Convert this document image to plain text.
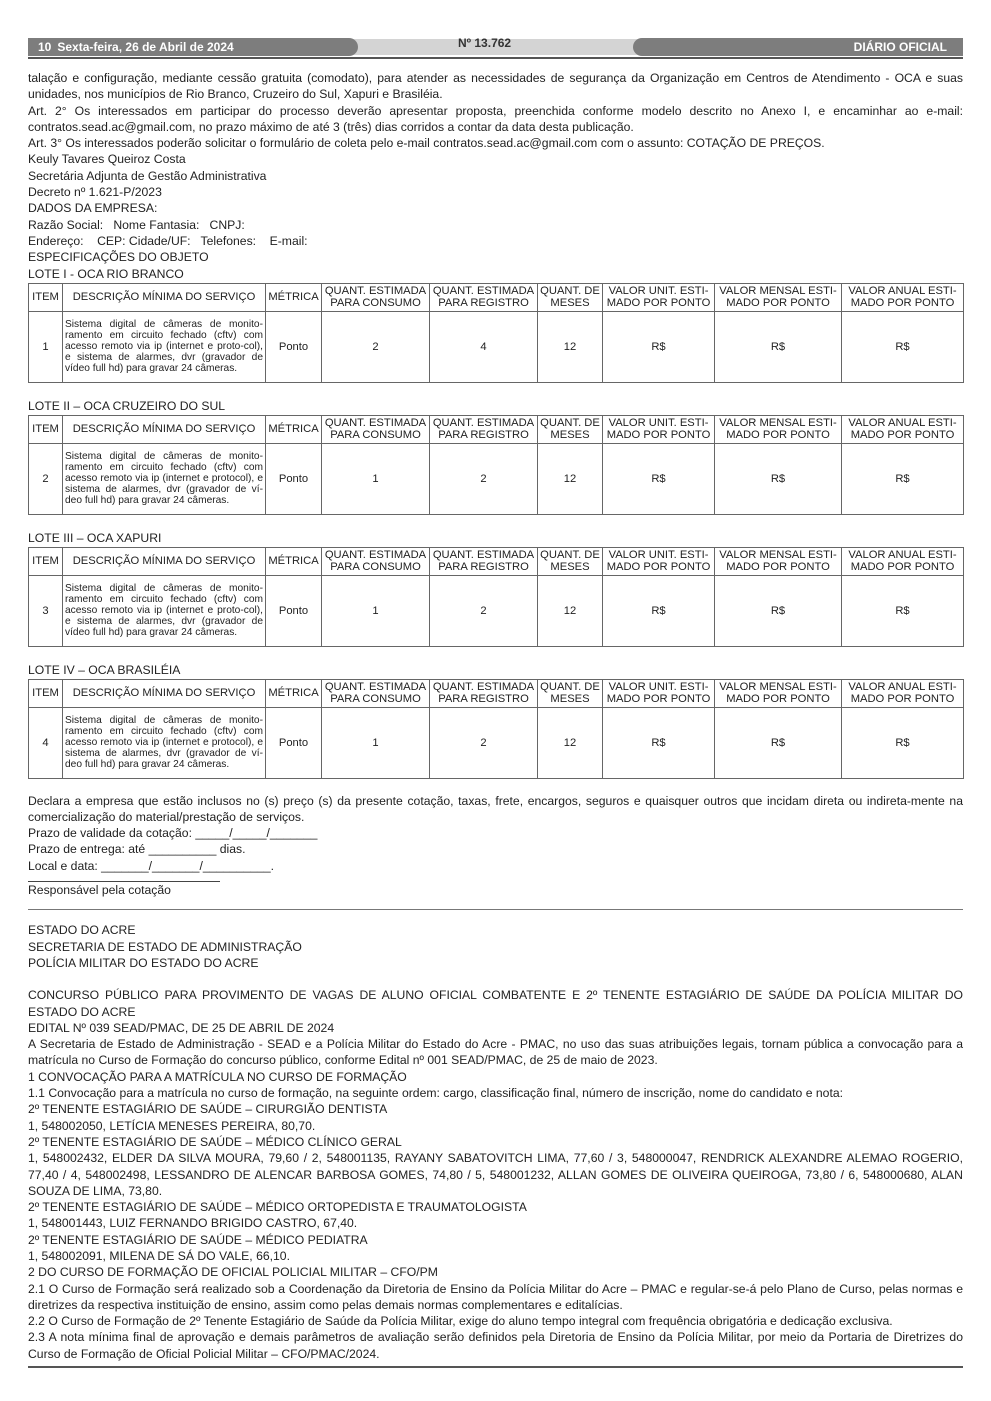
10 Sexta-feira, 26 de Abril de 2024	Nº 13.762	DIÁRIO OFICIAL

talação e configuração, mediante cessão gratuita (comodato), para atender as necessidades de segurança da Organização em Centros de Atendimento - OCA e suas unidades, nos municípios de Rio Branco, Cruzeiro do Sul, Xapuri e Brasiléia.

Art. 2° Os interessados em participar do processo deverão apresentar proposta, preenchida conforme modelo descrito no Anexo I, e encaminhar ao e-mail: contratos.sead.ac@gmail.com, no prazo máximo de até 3 (três) dias corridos a contar da data desta publicação.

Art. 3° Os interessados poderão solicitar o formulário de coleta pelo e-mail contratos.sead.ac@gmail.com com o assunto: COTAÇÃO DE PREÇOS.

Keuly Tavares Queiroz Costa

Secretária Adjunta de Gestão Administrativa

Decreto nº 1.621-P/2023

DADOS DA EMPRESA:

Razão Social:   Nome Fantasia:   CNPJ:

Endereço:    CEP: Cidade/UF:   Telefones:    E-mail:

ESPECIFICAÇÕES DO OBJETO

LOTE I - OCA RIO BRANCO

ITEM	DESCRIÇÃO MÍNIMA DO SERVIÇO	MÉTRICA	QUANT. ESTIMADA PARA CONSUMO	QUANT. ESTIMADA PARA REGISTRO	QUANT. DE MESES	VALOR UNIT. ESTI-MADO POR PONTO	VALOR MENSAL ESTI-MADO POR PONTO	VALOR ANUAL ESTI-MADO POR PONTO
1	Sistema digital de câmeras de monito-ramento em circuito fechado (cftv) com acesso remoto via ip (internet e proto-col), e sistema de alarmes, dvr (gravador de vídeo full hd) para gravar 24 câmeras.	Ponto	2	4	12	R$	R$	R$

LOTE II – OCA CRUZEIRO DO SUL

ITEM	DESCRIÇÃO MÍNIMA DO SERVIÇO	MÉTRICA	QUANT. ESTIMADA PARA CONSUMO	QUANT. ESTIMADA PARA REGISTRO	QUANT. DE MESES	VALOR UNIT. ESTI-MADO POR PONTO	VALOR MENSAL ESTI-MADO POR PONTO	VALOR ANUAL ESTI-MADO POR PONTO
2	Sistema digital de câmeras de monito-ramento em circuito fechado (cftv) com acesso remoto via ip (internet e protocol), e sistema de alarmes, dvr (gravador de ví-deo full hd) para gravar 24 câmeras.	Ponto	1	2	12	R$	R$	R$

LOTE III – OCA XAPURI

ITEM	DESCRIÇÃO MÍNIMA DO SERVIÇO	MÉTRICA	QUANT. ESTIMADA PARA CONSUMO	QUANT. ESTIMADA PARA REGISTRO	QUANT. DE MESES	VALOR UNIT. ESTI-MADO POR PONTO	VALOR MENSAL ESTI-MADO POR PONTO	VALOR ANUAL ESTI-MADO POR PONTO
3	Sistema digital de câmeras de monito-ramento em circuito fechado (cftv) com acesso remoto via ip (internet e proto-col), e sistema de alarmes, dvr (gravador de vídeo full hd) para gravar 24 câmeras.	Ponto	1	2	12	R$	R$	R$

LOTE IV – OCA BRASILÉIA

ITEM	DESCRIÇÃO MÍNIMA DO SERVIÇO	MÉTRICA	QUANT. ESTIMADA PARA CONSUMO	QUANT. ESTIMADA PARA REGISTRO	QUANT. DE MESES	VALOR UNIT. ESTI-MADO POR PONTO	VALOR MENSAL ESTI-MADO POR PONTO	VALOR ANUAL ESTI-MADO POR PONTO
4	Sistema digital de câmeras de monito-ramento em circuito fechado (cftv) com acesso remoto via ip (internet e protocol), e sistema de alarmes, dvr (gravador de ví-deo full hd) para gravar 24 câmeras.	Ponto	1	2	12	R$	R$	R$

Declara a empresa que estão inclusos no (s) preço (s) da presente cotação, taxas, frete, encargos, seguros e quaisquer outros que incidam direta ou indireta-mente na comercialização do material/prestação de serviços.

Prazo de validade da cotação: _____/_____/_______

Prazo de entrega: até __________ dias.

Local e data: _______/_______/__________.

Responsável pela cotação

ESTADO DO ACRE

SECRETARIA DE ESTADO DE ADMINISTRAÇÃO

POLÍCIA MILITAR DO ESTADO DO ACRE

CONCURSO PÚBLICO PARA PROVIMENTO DE VAGAS DE ALUNO OFICIAL COMBATENTE E 2º TENENTE ESTAGIÁRIO DE SAÚDE DA POLÍCIA MILITAR DO ESTADO DO ACRE

EDITAL Nº 039 SEAD/PMAC, DE 25 DE ABRIL DE 2024

A Secretaria de Estado de Administração - SEAD e a Polícia Militar do Estado do Acre - PMAC, no uso das suas atribuições legais, tornam pública a convocação para a matrícula no Curso de Formação do concurso público, conforme Edital nº 001 SEAD/PMAC, de 25 de maio de 2023.

1 CONVOCAÇÃO PARA A MATRÍCULA NO CURSO DE FORMAÇÃO

1.1 Convocação para a matrícula no curso de formação, na seguinte ordem: cargo, classificação final, número de inscrição, nome do candidato e nota:

2º TENENTE ESTAGIÁRIO DE SAÚDE – CIRURGIÃO DENTISTA

1, 548002050, LETÍCIA MENESES PEREIRA, 80,70.

2º TENENTE ESTAGIÁRIO DE SAÚDE – MÉDICO CLÍNICO GERAL

1, 548002432, ELDER DA SILVA MOURA, 79,60 / 2, 548001135, RAYANY SABATOVITCH LIMA, 77,60 / 3, 548000047, RENDRICK ALEXANDRE ALEMAO ROGERIO, 77,40 / 4, 548002498, LESSANDRO DE ALENCAR BARBOSA GOMES, 74,80 / 5, 548001232, ALLAN GOMES DE OLIVEIRA QUEIROGA, 73,80 / 6, 548000680, ALAN SOUZA DE LIMA, 73,80.

2º TENENTE ESTAGIÁRIO DE SAÚDE – MÉDICO ORTOPEDISTA E TRAUMATOLOGISTA

1, 548001443, LUIZ FERNANDO BRIGIDO CASTRO, 67,40.

2º TENENTE ESTAGIÁRIO DE SAÚDE – MÉDICO PEDIATRA

1, 548002091, MILENA DE SÁ DO VALE, 66,10.

2 DO CURSO DE FORMAÇÃO DE OFICIAL POLICIAL MILITAR – CFO/PM

2.1 O Curso de Formação será realizado sob a Coordenação da Diretoria de Ensino da Polícia Militar do Acre – PMAC e regular-se-á pelo Plano de Curso, pelas normas e diretrizes da respectiva instituição de ensino, assim como pelas demais normas complementares e editalícias.

2.2 O Curso de Formação de 2º Tenente Estagiário de Saúde da Polícia Militar, exige do aluno tempo integral com frequência obrigatória e dedicação exclusiva.

2.3 A nota mínima final de aprovação e demais parâmetros de avaliação serão definidos pela Diretoria de Ensino da Polícia Militar, por meio da Portaria de Diretrizes do Curso de Formação de Oficial Policial Militar – CFO/PMAC/2024.
